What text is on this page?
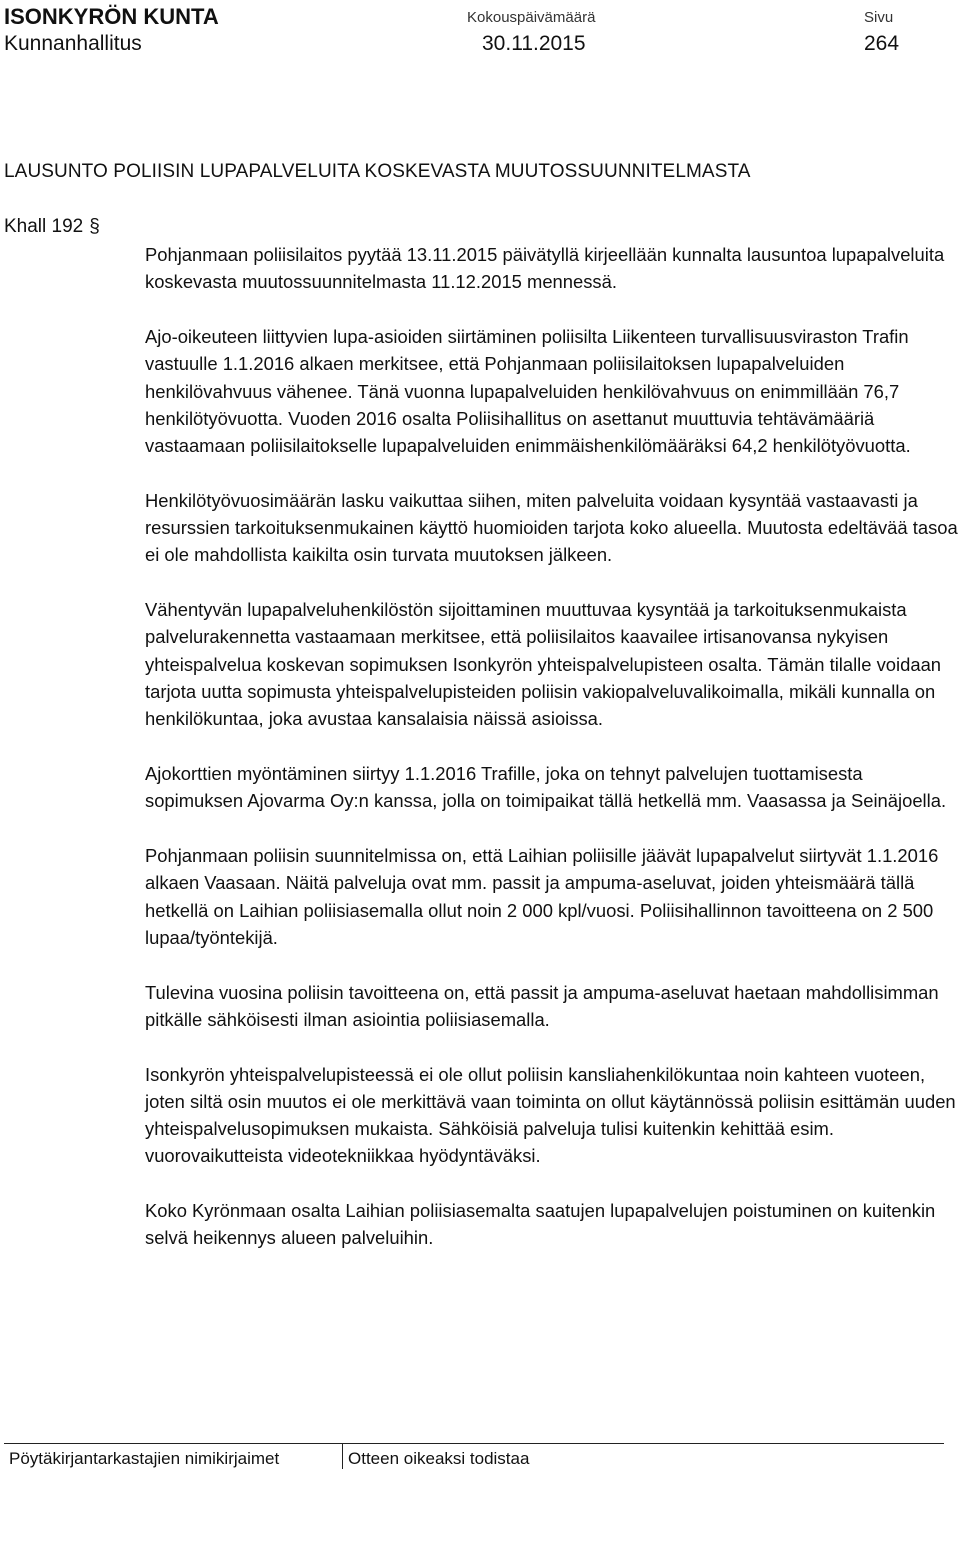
ISONKYRÖN KUNTA
Kunnanhallitus
Kokouspäivämäärä
30.11.2015
Sivu
264
LAUSUNTO POLIISIN LUPAPALVELUITA KOSKEVASTA MUUTOSSUUNNITELMASTA
Khall 192 §

Pohjanmaan poliisilaitos pyytää 13.11.2015 päivätyllä kirjeellään kunnalta lausuntoa lupapalveluita koskevasta muutossuunnitelmasta 11.12.2015 mennessä.

Ajo-oikeuteen liittyvien lupa-asioiden siirtäminen poliisilta Liikenteen turvallisuusviraston Trafin vastuulle 1.1.2016 alkaen merkitsee, että Pohjanmaan poliisilaitoksen lupapalveluiden henkilövahvuus vähenee. Tänä vuonna lupapalveluiden henkilövahvuus on enimmillään 76,7 henkilötyövuotta. Vuoden 2016 osalta Poliisihallitus on asettanut muuttuvia tehtävämääriä vastaamaan poliisilaitokselle lupapalveluiden enimmäishenkilömääräksi 64,2 henkilötyövuotta.

Henkilötyövuosimäärän lasku vaikuttaa siihen, miten palveluita voidaan kysyntää vastaavasti ja resurssien tarkoituksenmukainen käyttö huomioiden tarjota koko alueella. Muutosta edeltävää tasoa ei ole mahdollista kaikilta osin turvata muutoksen jälkeen.

Vähentyvän lupapalveluhenkilöstön sijoittaminen muuttuvaa kysyntää ja tarkoituksenmukaista palvelurakennetta vastaamaan merkitsee, että poliisilaitos kaavailee irtisanovansa nykyisen yhteispalvelua koskevan sopimuksen Isonkyrön yhteispalvelupisteen osalta. Tämän tilalle voidaan tarjota uutta sopimusta yhteispalvelupisteiden poliisin vakiopalveluvalikoimalla, mikäli kunnalla on henkilökuntaa, joka avustaa kansalaisia näissä asioissa.

Ajokorttien myöntäminen siirtyy 1.1.2016 Trafille, joka on tehnyt palvelujen tuottamisesta sopimuksen Ajovarma Oy:n kanssa, jolla on toimipaikat tällä hetkellä mm. Vaasassa ja Seinäjoella.

Pohjanmaan poliisin suunnitelmissa on, että Laihian poliisille jäävät lupapalvelut siirtyvät 1.1.2016 alkaen Vaasaan. Näitä palveluja ovat mm. passit ja ampuma-aseluvat, joiden yhteismäärä tällä hetkellä on Laihian poliisiasemalla ollut noin 2 000 kpl/vuosi. Poliisihallinnon tavoitteena on 2 500 lupaa/työntekijä.

Tulevina vuosina poliisin tavoitteena on, että passit ja ampuma-aseluvat haetaan mahdollisimman pitkälle sähköisesti ilman asiointia poliisiasemalla.

Isonkyrön yhteispalvelupisteessä ei ole ollut poliisin kansliahenkilökuntaa noin kahteen vuoteen, joten siltä osin muutos ei ole merkittävä vaan toiminta on ollut käytännössä poliisin esittämän uuden yhteispalvelusopimuksen mukaista. Sähköisiä palveluja tulisi kuitenkin kehittää esim. vuorovaikutteista videotekniikkaa hyödyntäväksi.

Koko Kyrönmaan osalta Laihian poliisiasemalta saatujen lupapalvelujen poistuminen on kuitenkin selvä heikennys alueen palveluihin.

Pöytäkirjantarkastajien nimikirjaimet	Otteen oikeaksi todistaa
